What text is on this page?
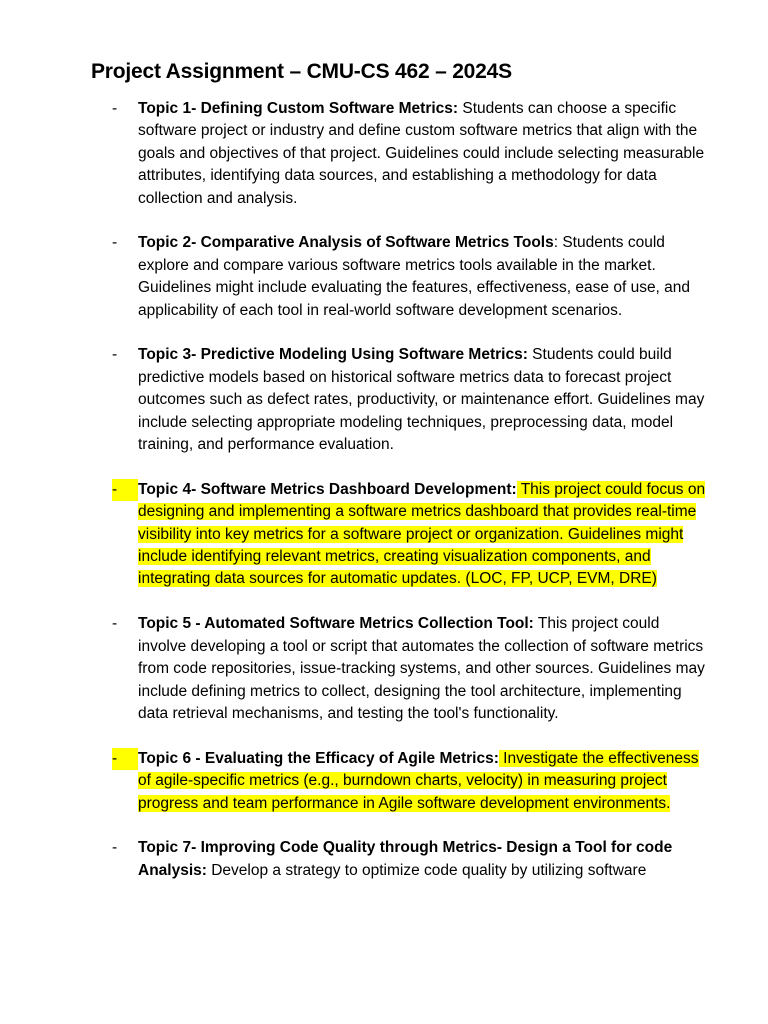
Project Assignment – CMU-CS 462 – 2024S
-	Topic 1- Defining Custom Software Metrics: Students can choose a specific software project or industry and define custom software metrics that align with the goals and objectives of that project. Guidelines could include selecting measurable attributes, identifying data sources, and establishing a methodology for data collection and analysis.
-	Topic 2- Comparative Analysis of Software Metrics Tools: Students could explore and compare various software metrics tools available in the market. Guidelines might include evaluating the features, effectiveness, ease of use, and applicability of each tool in real-world software development scenarios.
-	Topic 3- Predictive Modeling Using Software Metrics: Students could build predictive models based on historical software metrics data to forecast project outcomes such as defect rates, productivity, or maintenance effort. Guidelines may include selecting appropriate modeling techniques, preprocessing data, model training, and performance evaluation.
-	Topic 4- Software Metrics Dashboard Development: This project could focus on designing and implementing a software metrics dashboard that provides real-time visibility into key metrics for a software project or organization. Guidelines might include identifying relevant metrics, creating visualization components, and integrating data sources for automatic updates. (LOC, FP, UCP, EVM, DRE)
-	Topic 5 - Automated Software Metrics Collection Tool: This project could involve developing a tool or script that automates the collection of software metrics from code repositories, issue-tracking systems, and other sources. Guidelines may include defining metrics to collect, designing the tool architecture, implementing data retrieval mechanisms, and testing the tool's functionality.
-	Topic 6 - Evaluating the Efficacy of Agile Metrics: Investigate the effectiveness of agile-specific metrics (e.g., burndown charts, velocity) in measuring project progress and team performance in Agile software development environments.
-	Topic 7- Improving Code Quality through Metrics- Design a Tool for code Analysis: Develop a strategy to optimize code quality by utilizing software
